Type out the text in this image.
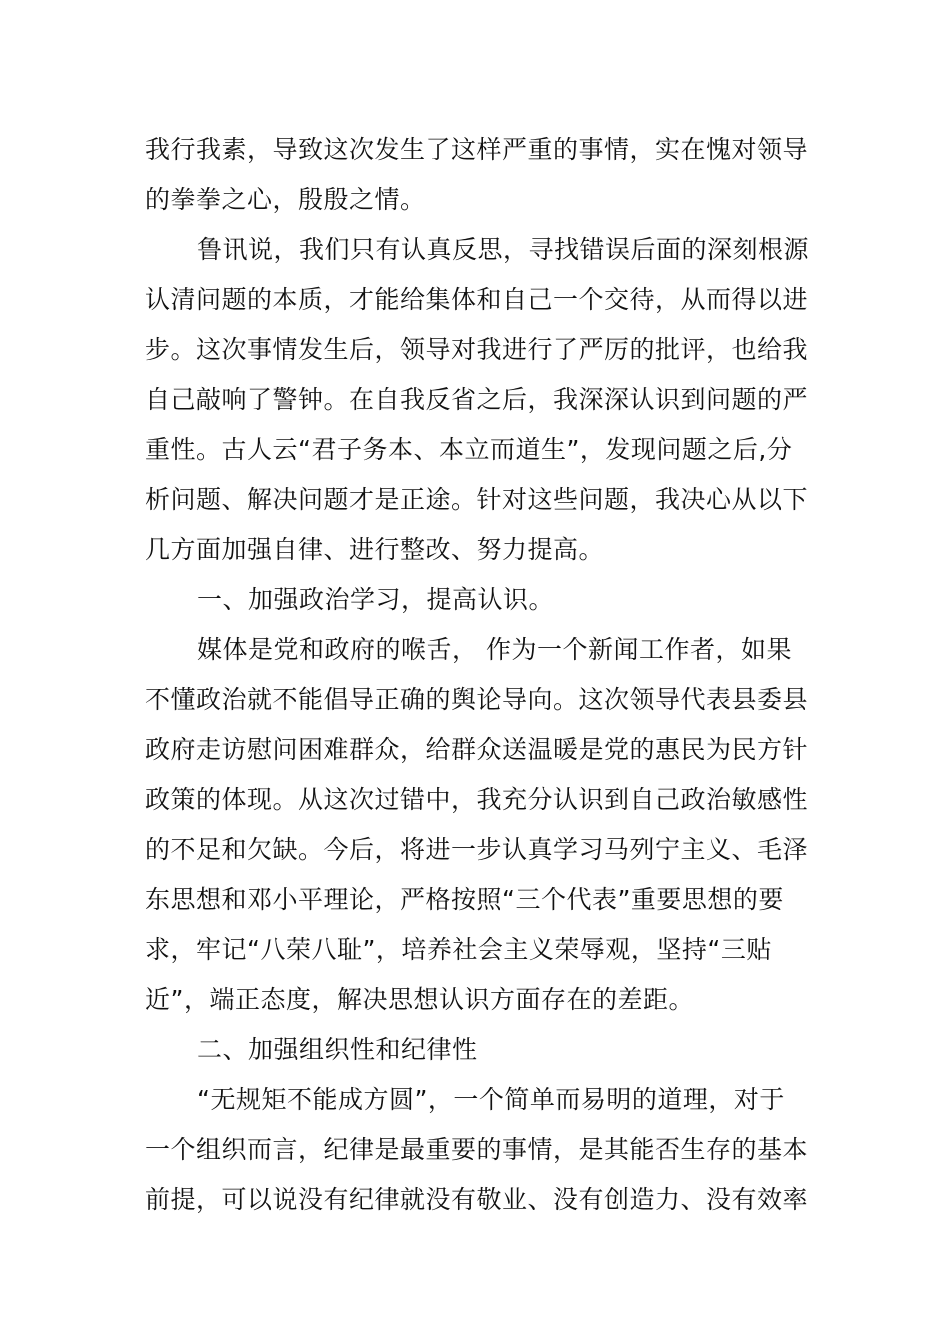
我行我素，导致这次发生了这样严重的事情，实在愧对领导
的拳拳之心，殷殷之情。
鲁讯说，我们只有认真反思，寻找错误后面的深刻根源
认清问题的本质，才能给集体和自己一个交待，从而得以进
步。这次事情发生后，领导对我进行了严厉的批评，也给我
自己敲响了警钟。在自我反省之后，我深深认识到问题的严
重性。古人云“君子务本、本立而道生”，发现问题之后,分
析问题、解决问题才是正途。针对这些问题，我决心从以下
几方面加强自律、进行整改、努力提高。
一、加强政治学习，提高认识。
媒体是党和政府的喉舌， 作为一个新闻工作者，如果
不懂政治就不能倡导正确的舆论导向。这次领导代表县委县
政府走访慰问困难群众，给群众送温暖是党的惠民为民方针
政策的体现。从这次过错中，我充分认识到自己政治敏感性
的不足和欠缺。今后，将进一步认真学习马列宁主义、毛泽
东思想和邓小平理论，严格按照“三个代表”重要思想的要
求，牢记“八荣八耻”，培养社会主义荣辱观，坚持“三贴
近”，端正态度，解决思想认识方面存在的差距。
二、加强组织性和纪律性
“无规矩不能成方圆”，一个简单而易明的道理，对于
一个组织而言，纪律是最重要的事情，是其能否生存的基本
前提，可以说没有纪律就没有敬业、没有创造力、没有效率
